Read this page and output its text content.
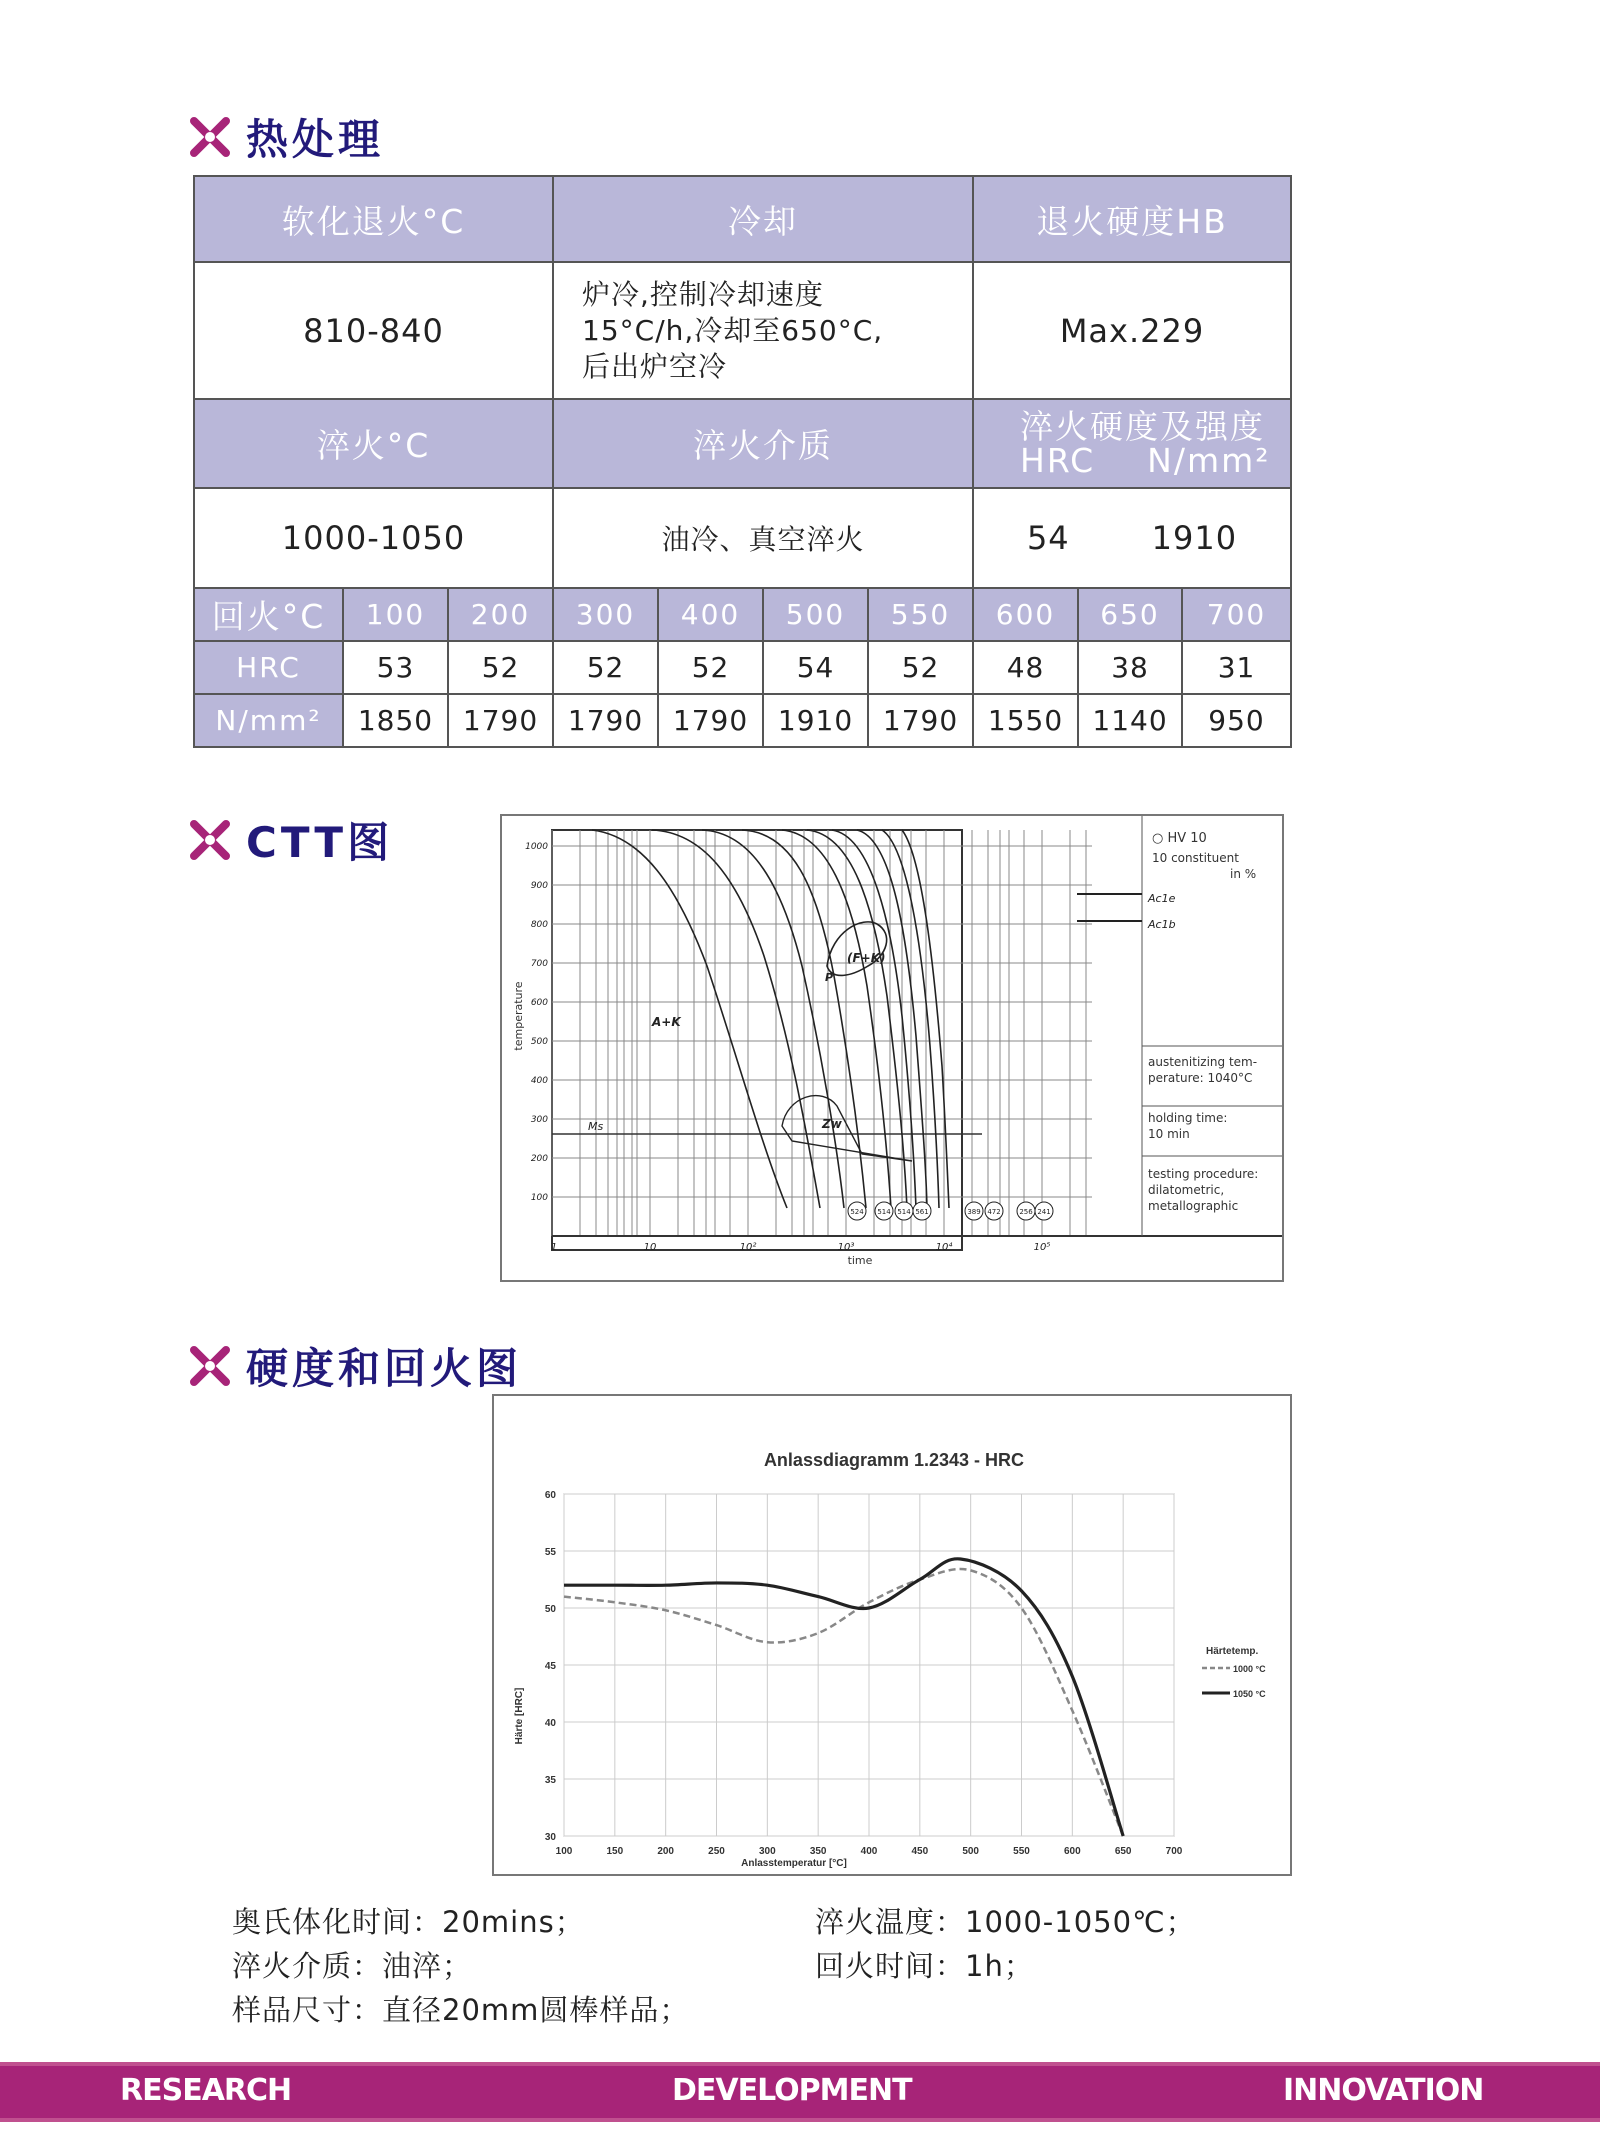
热处理
软化退火°C			冷却				退火硬度HB		
810-840			炉冷,控制冷却速度
15°C/h,冷却至650°C,
后出炉空冷				Max.229		
淬火°C			淬火介质				淬火硬度及强度
HRC N/mm²		

1000-1050			油冷、真空淬火				54 1910		
回火°C	100	200	300	400	500	550	600	650	700
HRC	53	52	52	52	54	52	48	38	31
N/mm²	1850	1790	1790	1790	1910	1790	1550	1140	950
CTT图	1000
900
800
700
600
500
400
300
200
100
temperature
1	10	10²	10³	10⁴	10⁵
time
Ms
A+K
(F+K)
P
Zw
524 514 514 561	389 472	256 241
○ HV 10
10 constituent
in %
Ac1e
Ac1b
austenitizing tem-
perature: 1040°C
holding time:
10 min
testing procedure:
dilatometric,
metallographic
硬度和回火图
Anlassdiagramm 1.2343 - HRC
30
35
40
45
50
55
60
100	150	200	250	300	350	400	450	500	550	600	650	700
Anlasstemperatur [°C]
Härte [HRC]
Härtetemp.
1000 °C
1050 °C
奥氏体化时间：20mins；	淬火温度：1000-1050℃；
淬火介质：油淬；	回火时间：1h；
样品尺寸：直径20mm圆棒样品；
RESEARCH	DEVELOPMENT	INNOVATION
